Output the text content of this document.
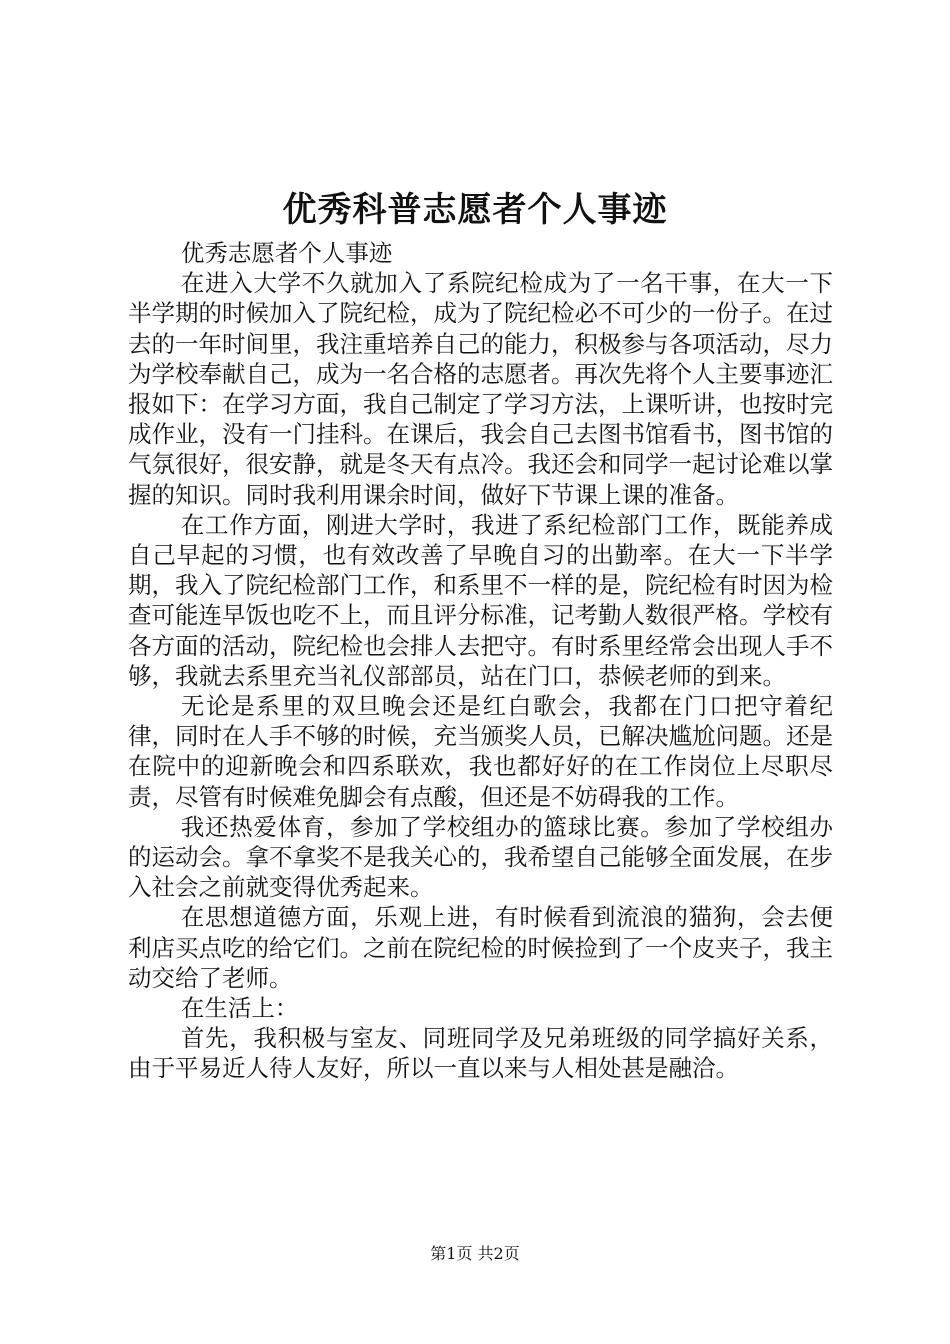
优秀科普志愿者个人事迹

优秀志愿者个人事迹

在进入大学不久就加入了系院纪检成为了一名干事，在大一下半学期的时候加入了院纪检，成为了院纪检必不可少的一份子。在过去的一年时间里，我注重培养自己的能力，积极参与各项活动，尽力为学校奉献自己，成为一名合格的志愿者。再次先将个人主要事迹汇报如下：在学习方面，我自己制定了学习方法，上课听讲，也按时完成作业，没有一门挂科。在课后，我会自己去图书馆看书，图书馆的气氛很好，很安静，就是冬天有点冷。我还会和同学一起讨论难以掌握的知识。同时我利用课余时间，做好下节课上课的准备。

在工作方面，刚进大学时，我进了系纪检部门工作，既能养成自己早起的习惯，也有效改善了早晚自习的出勤率。在大一下半学期，我入了院纪检部门工作，和系里不一样的是，院纪检有时因为检查可能连早饭也吃不上，而且评分标准，记考勤人数很严格。学校有各方面的活动，院纪检也会排人去把守。有时系里经常会出现人手不够，我就去系里充当礼仪部部员，站在门口，恭候老师的到来。

无论是系里的双旦晚会还是红白歌会，我都在门口把守着纪律，同时在人手不够的时候，充当颁奖人员，已解决尴尬问题。还是在院中的迎新晚会和四系联欢，我也都好好的在工作岗位上尽职尽责，尽管有时候难免脚会有点酸，但还是不妨碍我的工作。

我还热爱体育，参加了学校组办的篮球比赛。参加了学校组办的运动会。拿不拿奖不是我关心的，我希望自己能够全面发展，在步入社会之前就变得优秀起来。

在思想道德方面，乐观上进，有时候看到流浪的猫狗，会去便利店买点吃的给它们。之前在院纪检的时候捡到了一个皮夹子，我主动交给了老师。

在生活上：

首先，我积极与室友、同班同学及兄弟班级的同学搞好关系，由于平易近人待人友好，所以一直以来与人相处甚是融洽。

第1页 共2页
